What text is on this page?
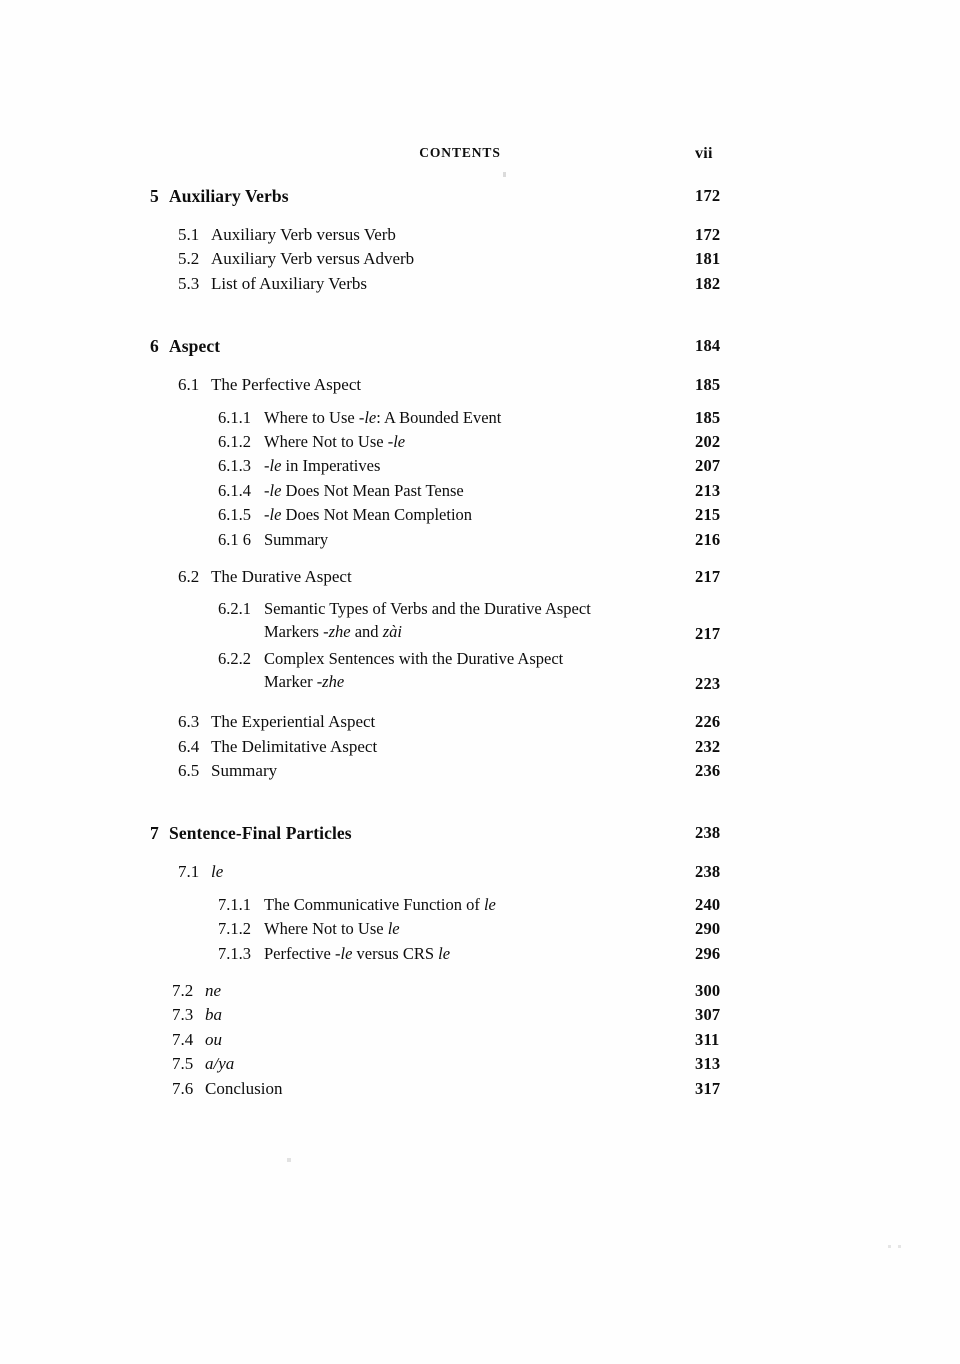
CONTENTS	vii
5 Auxiliary Verbs	172
5.1 Auxiliary Verb versus Verb	172
5.2 Auxiliary Verb versus Adverb	181
5.3 List of Auxiliary Verbs	182
6 Aspect	184
6.1 The Perfective Aspect	185
6.1.1 Where to Use -le: A Bounded Event	185
6.1.2 Where Not to Use -le	202
6.1.3 -le in Imperatives	207
6.1.4 -le Does Not Mean Past Tense	213
6.1.5 -le Does Not Mean Completion	215
6.1 6 Summary	216
6.2 The Durative Aspect	217
6.2.1 Semantic Types of Verbs and the Durative Aspect
Markers -zhe and zài	217
6.2.2 Complex Sentences with the Durative Aspect
Marker -zhe	223
6.3 The Experiential Aspect	226
6.4 The Delimitative Aspect	232
6.5 Summary	236
7 Sentence-Final Particles	238
7.1 le	238
7.1.1 The Communicative Function of le	240
7.1.2 Where Not to Use le	290
7.1.3 Perfective -le versus CRS le	296
7.2 ne	300
7.3 ba	307
7.4 ou	311
7.5 a/ya	313
7.6 Conclusion	317
